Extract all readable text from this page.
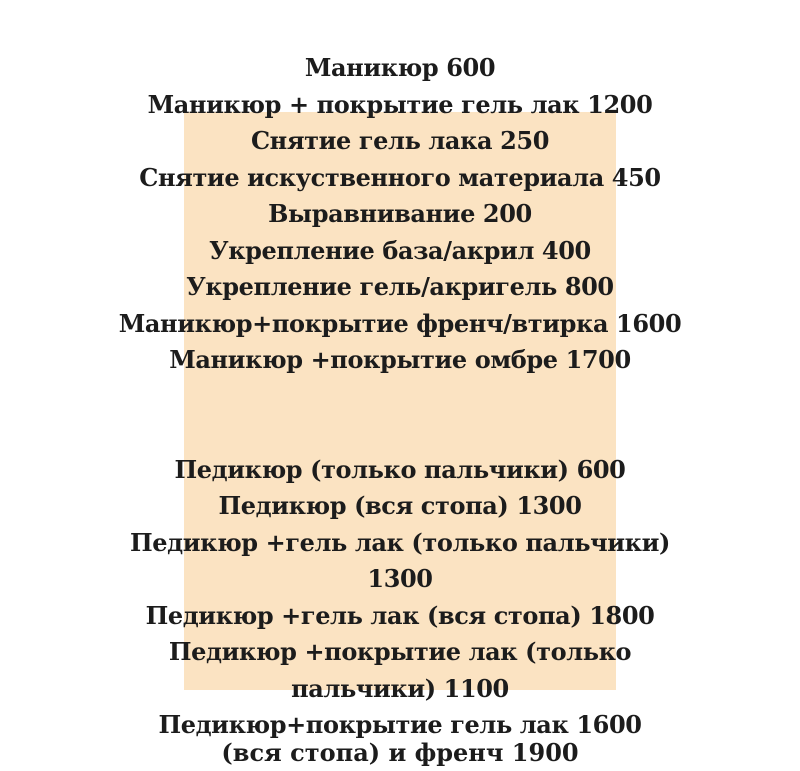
Маникюр 600
Маникюр + покрытие гель лак 1200
Снятие гель лака 250
Снятие искуственного материала 450
Выравнивание 200
Укрепление база/акрил 400
Укрепление гель/акригель 800
Маникюр+покрытие френч/втирка 1600
Маникюр +покрытие омбре 1700
Педикюр (только пальчики) 600
Педикюр (вся стопа) 1300
Педикюр +гель лак (только пальчики)
1300
Педикюр +гель лак (вся стопа) 1800
Педикюр +покрытие лак (только
пальчики) 1100
Педикюр+покрытие гель лак 1600
(вся стопа) и френч 1900
